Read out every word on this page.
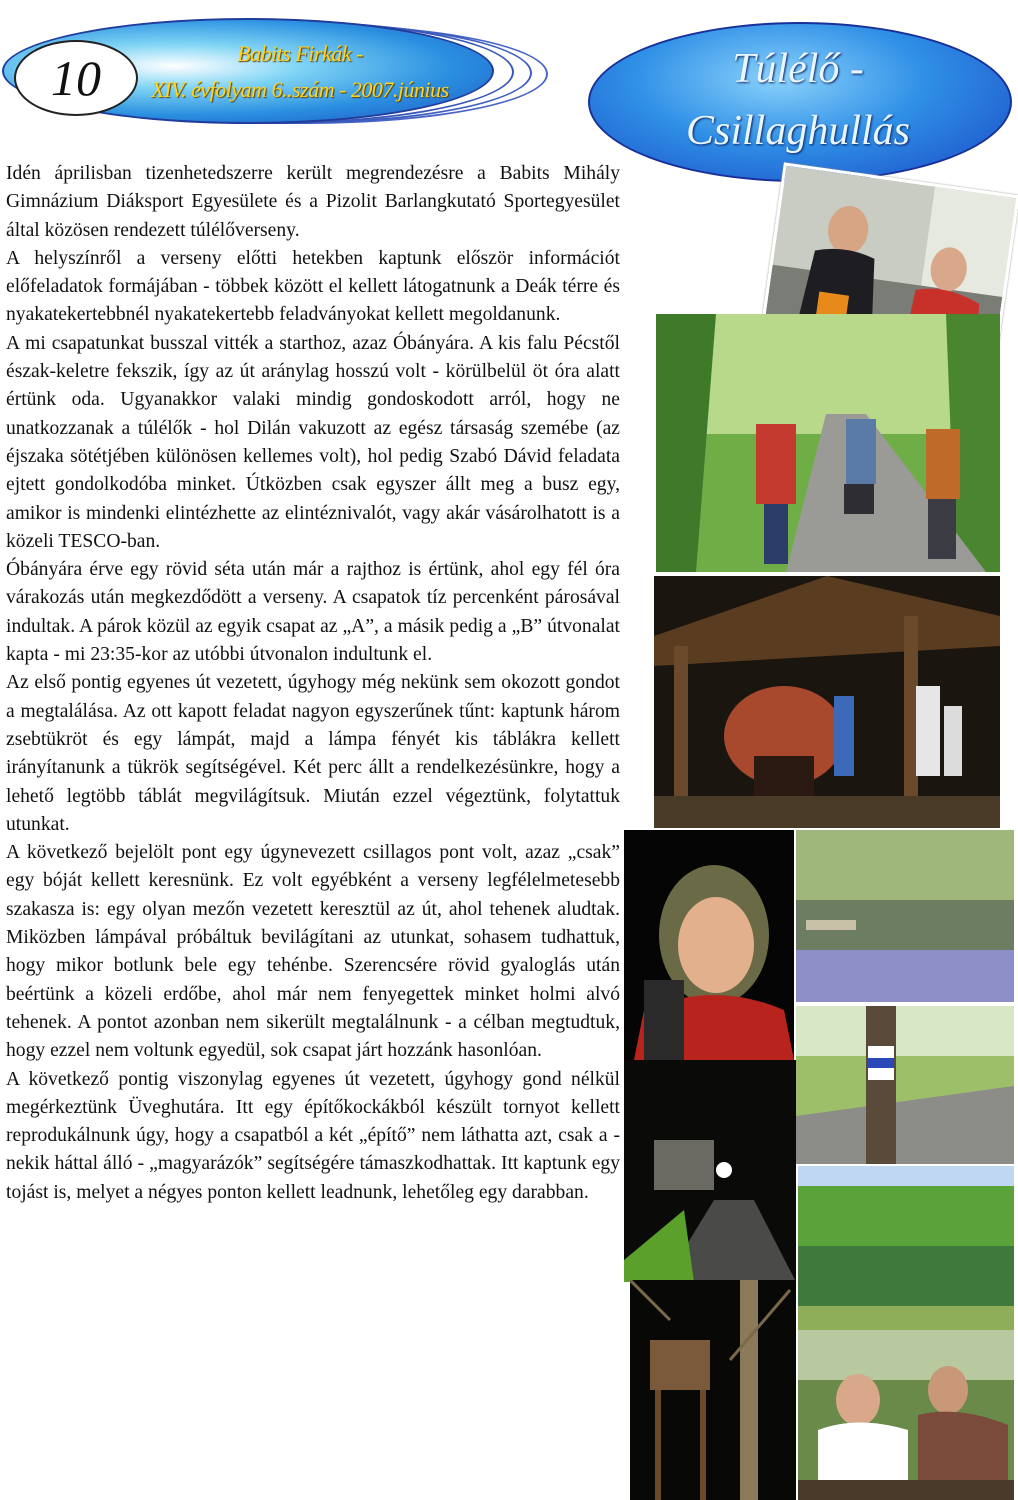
10	Babits Firkák -
XIV. évfolyam 6..szám - 2007.június	Túlélő -
Csillaghullás

Idén áprilisban tizenhetedszerre került megrendezésre a Babits Mihály Gimnázium Diáksport Egyesülete és a Pizolit Barlangkutató Sportegyesület által közösen rendezett túlélőverseny.

A helyszínről a verseny előtti hetekben kaptunk először információt előfeladatok formájában - többek között el kellett látogatnunk a Deák térre és nyakatekertebbnél nyakatekertebb feladványokat kellett megoldanunk.

A mi csapatunkat busszal vitték a starthoz, azaz Óbányára. A kis falu Pécstől észak-keletre fekszik, így az út aránylag hosszú volt - körülbelül öt óra alatt értünk oda. Ugyanakkor valaki mindig gondoskodott arról, hogy ne unatkozzanak a túlélők - hol Dilán vakuzott az egész társaság szemébe (az éjszaka sötétjében különösen kellemes volt), hol pedig Szabó Dávid feladata ejtett gondolkodóba minket. Útközben csak egyszer állt meg a busz egy, amikor is mindenki elintézhette az elintéznivalót, vagy akár vásárolhatott is a közeli TESCO-ban.

Óbányára érve egy rövid séta után már a rajthoz is értünk, ahol egy fél óra várakozás után megkezdődött a verseny. A csapatok tíz percenként párosával indultak. A párok közül az egyik csapat az „A”, a másik pedig a „B” útvonalat kapta - mi 23:35-kor az utóbbi útvonalon indultunk el.

Az első pontig egyenes út vezetett, úgyhogy még nekünk sem okozott gondot a megtalálása. Az ott kapott feladat nagyon egyszerűnek tűnt: kaptunk három zsebtükröt és egy lámpát, majd a lámpa fényét kis táblákra kellett irányítanunk a tükrök segítségével. Két perc állt a rendelkezésünkre, hogy a lehető legtöbb táblát megvilágítsuk. Miután ezzel végeztünk, folytattuk utunkat.

A következő bejelölt pont egy úgynevezett csillagos pont volt, azaz „csak” egy bóját kellett keresnünk. Ez volt egyébként a verseny legfélelmetesebb szakasza is: egy olyan mezőn vezetett keresztül az út, ahol tehenek aludtak. Miközben lámpával próbáltuk bevilágítani az utunkat, sohasem tudhattuk, hogy mikor botlunk bele egy tehénbe. Szerencsére rövid gyaloglás után beértünk a közeli erdőbe, ahol már nem fenyegettek minket holmi alvó tehenek. A pontot azonban nem sikerült megtalálnunk - a célban megtudtuk, hogy ezzel nem voltunk egyedül, sok csapat járt hozzánk hasonlóan.

A következő pontig viszonylag egyenes út vezetett, úgyhogy gond nélkül megérkeztünk Üveghutára. Itt egy építőkockákból készült tornyot kellett reprodukálnunk úgy, hogy a csapatból a két „építő” nem láthatta azt, csak a - nekik háttal álló - „magyarázók” segítségére támaszkodhattak. Itt kaptunk egy tojást is, melyet a négyes ponton kellett leadnunk, lehetőleg egy darabban.
